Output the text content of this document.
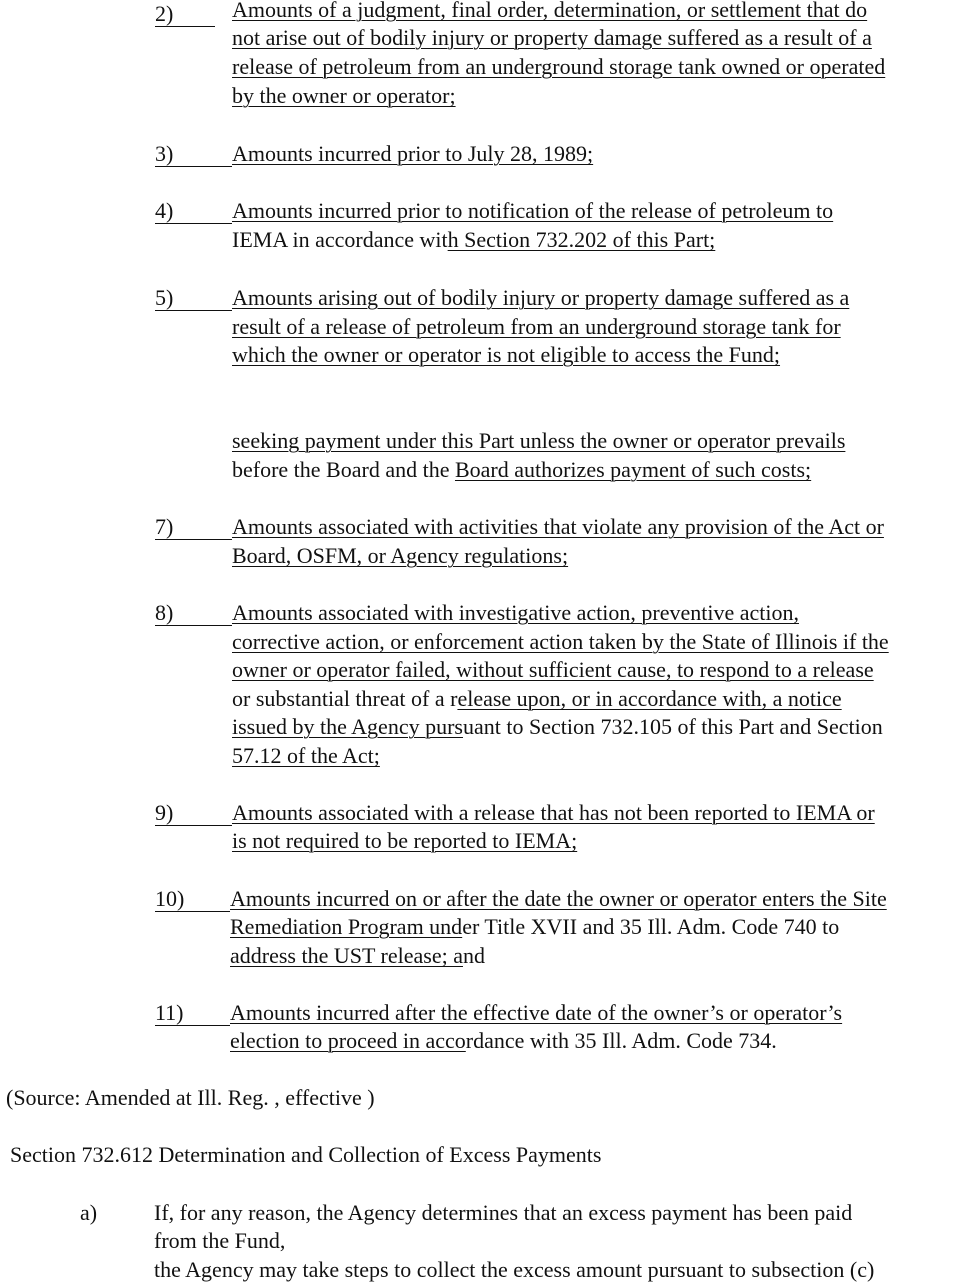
2)	Amounts of a judgment, final order, determination, or settlement that do
not arise out of bodily injury or property damage suffered as a result of a
release of petroleum from an underground storage tank owned or operated
by the owner or operator;
3)	Amounts incurred prior to July 28, 1989;
4)	Amounts incurred prior to notification of the release of petroleum to
IEMA in accordance with Section 732.202 of this Part;
5)	Amounts arising out of bodily injury or property damage suffered as a
result of a release of petroleum from an underground storage tank for
which the owner or operator is not eligible to access the Fund;
seeking payment under this Part unless the owner or operator prevails
before the Board and the Board authorizes payment of such costs;
7)	Amounts associated with activities that violate any provision of the Act or
Board, OSFM, or Agency regulations;
8)	Amounts associated with investigative action, preventive action,
corrective action, or enforcement action taken by the State of Illinois if the
owner or operator failed, without sufficient cause, to respond to a release
or substantial threat of a release upon, or in accordance with, a notice
issued by the Agency pursuant to Section 732.105 of this Part and Section
57.12 of the Act;
9)	Amounts associated with a release that has not been reported to IEMA or
is not required to be reported to IEMA;
10)	Amounts incurred on or after the date the owner or operator enters the Site
Remediation Program under Title XVII and 35 Ill. Adm. Code 740 to
address the UST release; and
11)	Amounts incurred after the effective date of the owner’s or operator’s
election to proceed in accordance with 35 Ill. Adm. Code 734.
(Source: Amended at Ill. Reg. , effective )
Section 732.612 Determination and Collection of Excess Payments
a)	If, for any reason, the Agency determines that an excess payment has been paid
from the Fund,
the Agency may take steps to collect the excess amount pursuant to subsection (c)
